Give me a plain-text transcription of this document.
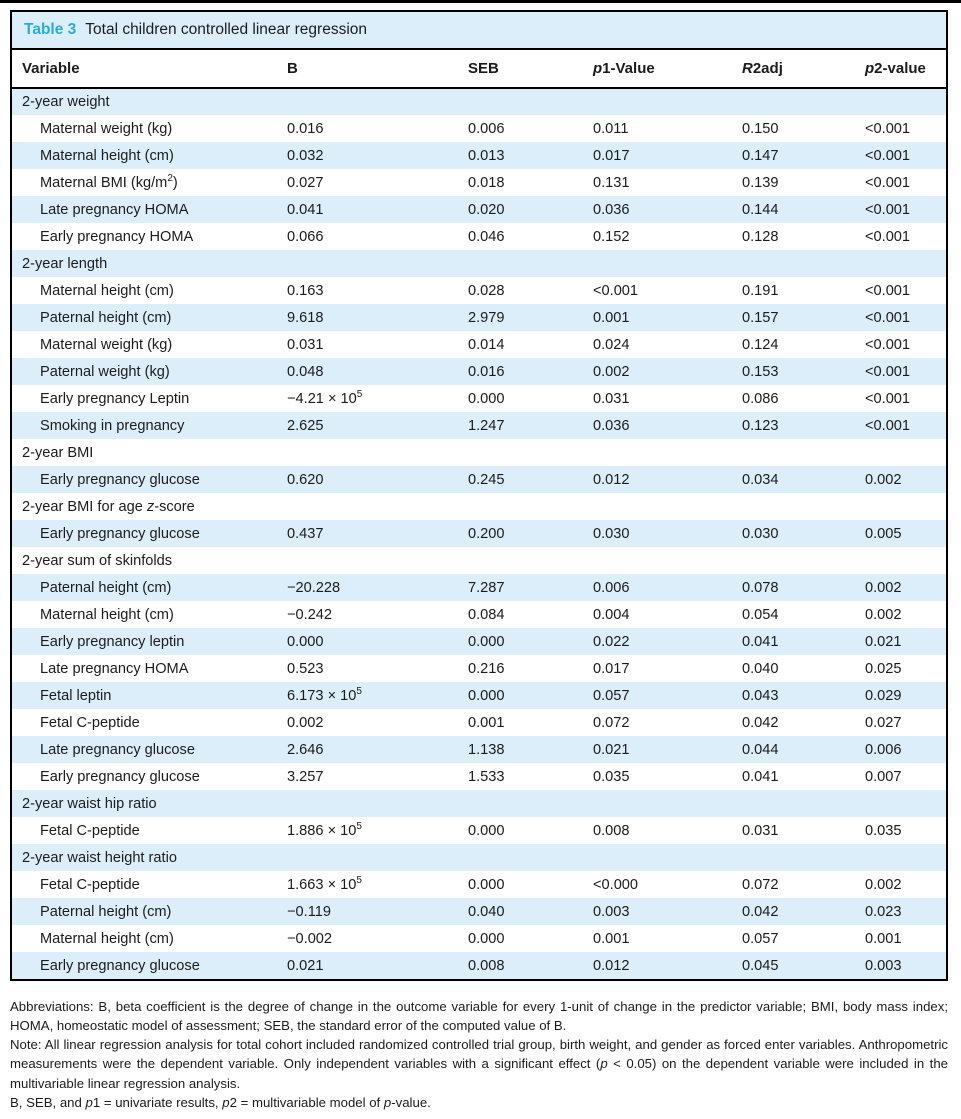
Table 3 Total children controlled linear regression
Variable	B	SEB	p1-Value	R2adj	p2-value
2-year weight					
Maternal weight (kg)	0.016	0.006	0.011	0.150	<0.001
Maternal height (cm)	0.032	0.013	0.017	0.147	<0.001
Maternal BMI $(kg/m^2)$	0.027	0.018	0.131	0.139	<0.001
Late pregnancy HOMA	0.041	0.020	0.036	0.144	<0.001
Early pregnancy HOMA	0.066	0.046	0.152	0.128	<0.001
2-year length					
Maternal height (cm)	0.163	0.028	<0.001	0.191	<0.001
Paternal height (cm)	9.618	2.979	0.001	0.157	<0.001
Maternal weight (kg)	0.031	0.014	0.024	0.124	<0.001
Paternal weight (kg)	0.048	0.016	0.002	0.153	<0.001
Early pregnancy Leptin	$-4.21 \times 10^5$	0.000	0.031	0.086	<0.001
Smoking in pregnancy	2.625	1.247	0.036	0.123	<0.001
2-year BMI					
Early pregnancy glucose	0.620	0.245	0.012	0.034	0.002
2-year BMI for age z-score					
Early pregnancy glucose	0.437	0.200	0.030	0.030	0.005
2-year sum of skinfolds					
Paternal height (cm)	−20.228	7.287	0.006	0.078	0.002
Maternal height (cm)	−0.242	0.084	0.004	0.054	0.002
Early pregnancy leptin	0.000	0.000	0.022	0.041	0.021
Late pregnancy HOMA	0.523	0.216	0.017	0.040	0.025
Fetal leptin	$6.173 \times 10^5$	0.000	0.057	0.043	0.029
Fetal C-peptide	0.002	0.001	0.072	0.042	0.027
Late pregnancy glucose	2.646	1.138	0.021	0.044	0.006
Early pregnancy glucose	3.257	1.533	0.035	0.041	0.007
2-year waist hip ratio					
Fetal C-peptide	$1.886 \times 10^5$	0.000	0.008	0.031	0.035
2-year waist height ratio					
Fetal C-peptide	$1.663 \times 10^5$	0.000	<0.000	0.072	0.002
Paternal height (cm)	−0.119	0.040	0.003	0.042	0.023
Maternal height (cm)	−0.002	0.000	0.001	0.057	0.001
Early pregnancy glucose	0.021	0.008	0.012	0.045	0.003

Abbreviations: B, beta coefficient is the degree of change in the outcome variable for every 1-unit of change in the predictor variable; BMI, body mass index; HOMA, homeostatic model of assessment; SEB, the standard error of the computed value of B.

Note: All linear regression analysis for total cohort included randomized controlled trial group, birth weight, and gender as forced enter variables. Anthropometric measurements were the dependent variable. Only independent variables with a significant effect (p < 0.05) on the dependent variable were included in the multivariable linear regression analysis.

B, SEB, and p1 = univariate results, p2 = multivariable model of p-value.
